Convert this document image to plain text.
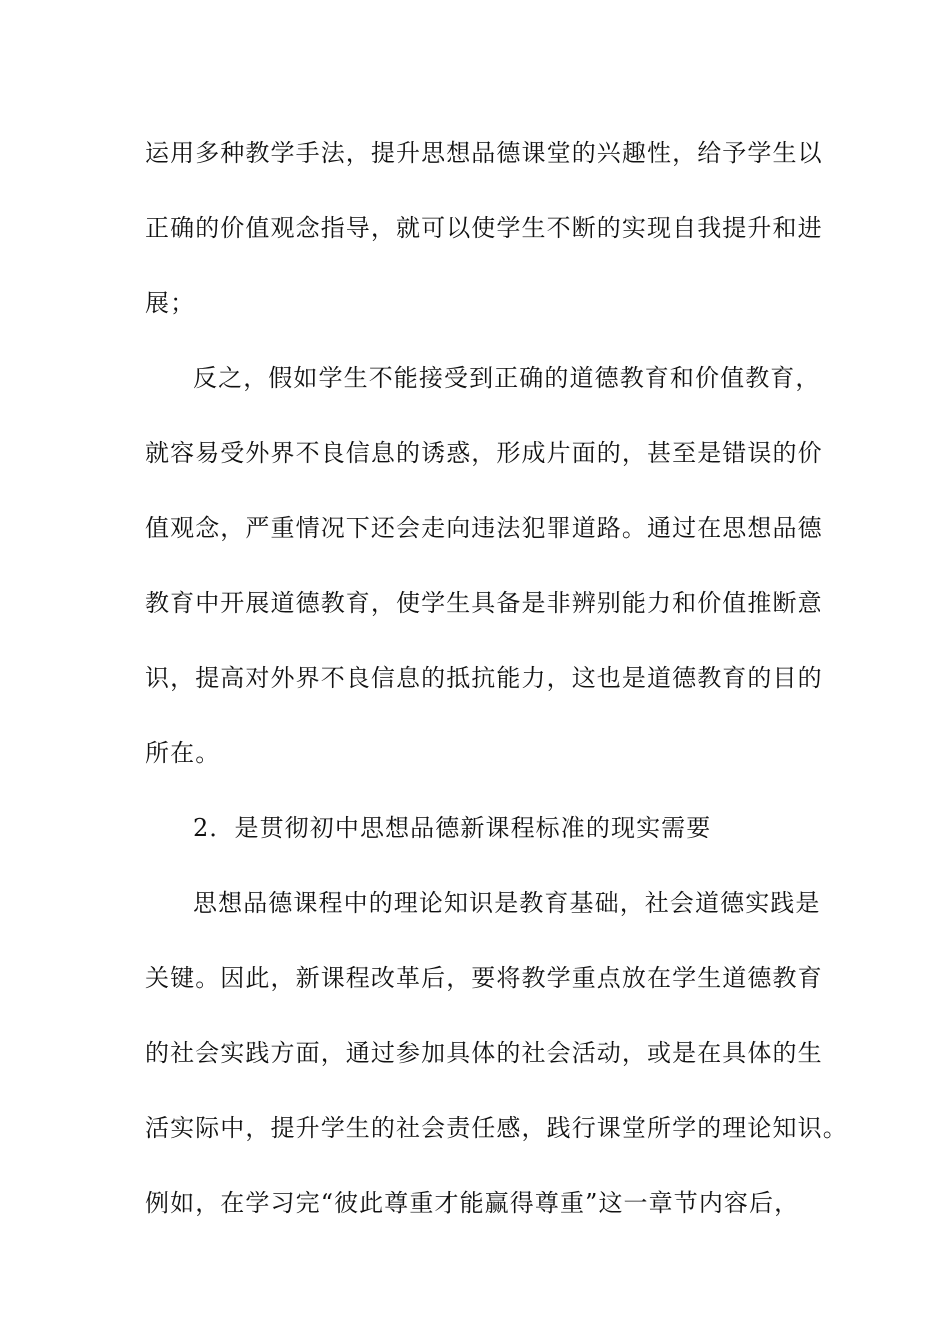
运用多种教学手法，提升思想品德课堂的兴趣性，给予学生以
正确的价值观念指导，就可以使学生不断的实现自我提升和进
展；
反之，假如学生不能接受到正确的道德教育和价值教育，
就容易受外界不良信息的诱惑，形成片面的，甚至是错误的价
值观念，严重情况下还会走向违法犯罪道路。通过在思想品德
教育中开展道德教育，使学生具备是非辨别能力和价值推断意
识，提高对外界不良信息的抵抗能力，这也是道德教育的目的
所在。
2．是贯彻初中思想品德新课程标准的现实需要
思想品德课程中的理论知识是教育基础，社会道德实践是
关键。因此，新课程改革后，要将教学重点放在学生道德教育
的社会实践方面，通过参加具体的社会活动，或是在具体的生
活实际中，提升学生的社会责任感，践行课堂所学的理论知识。
例如，在学习完“彼此尊重才能赢得尊重”这一章节内容后，
